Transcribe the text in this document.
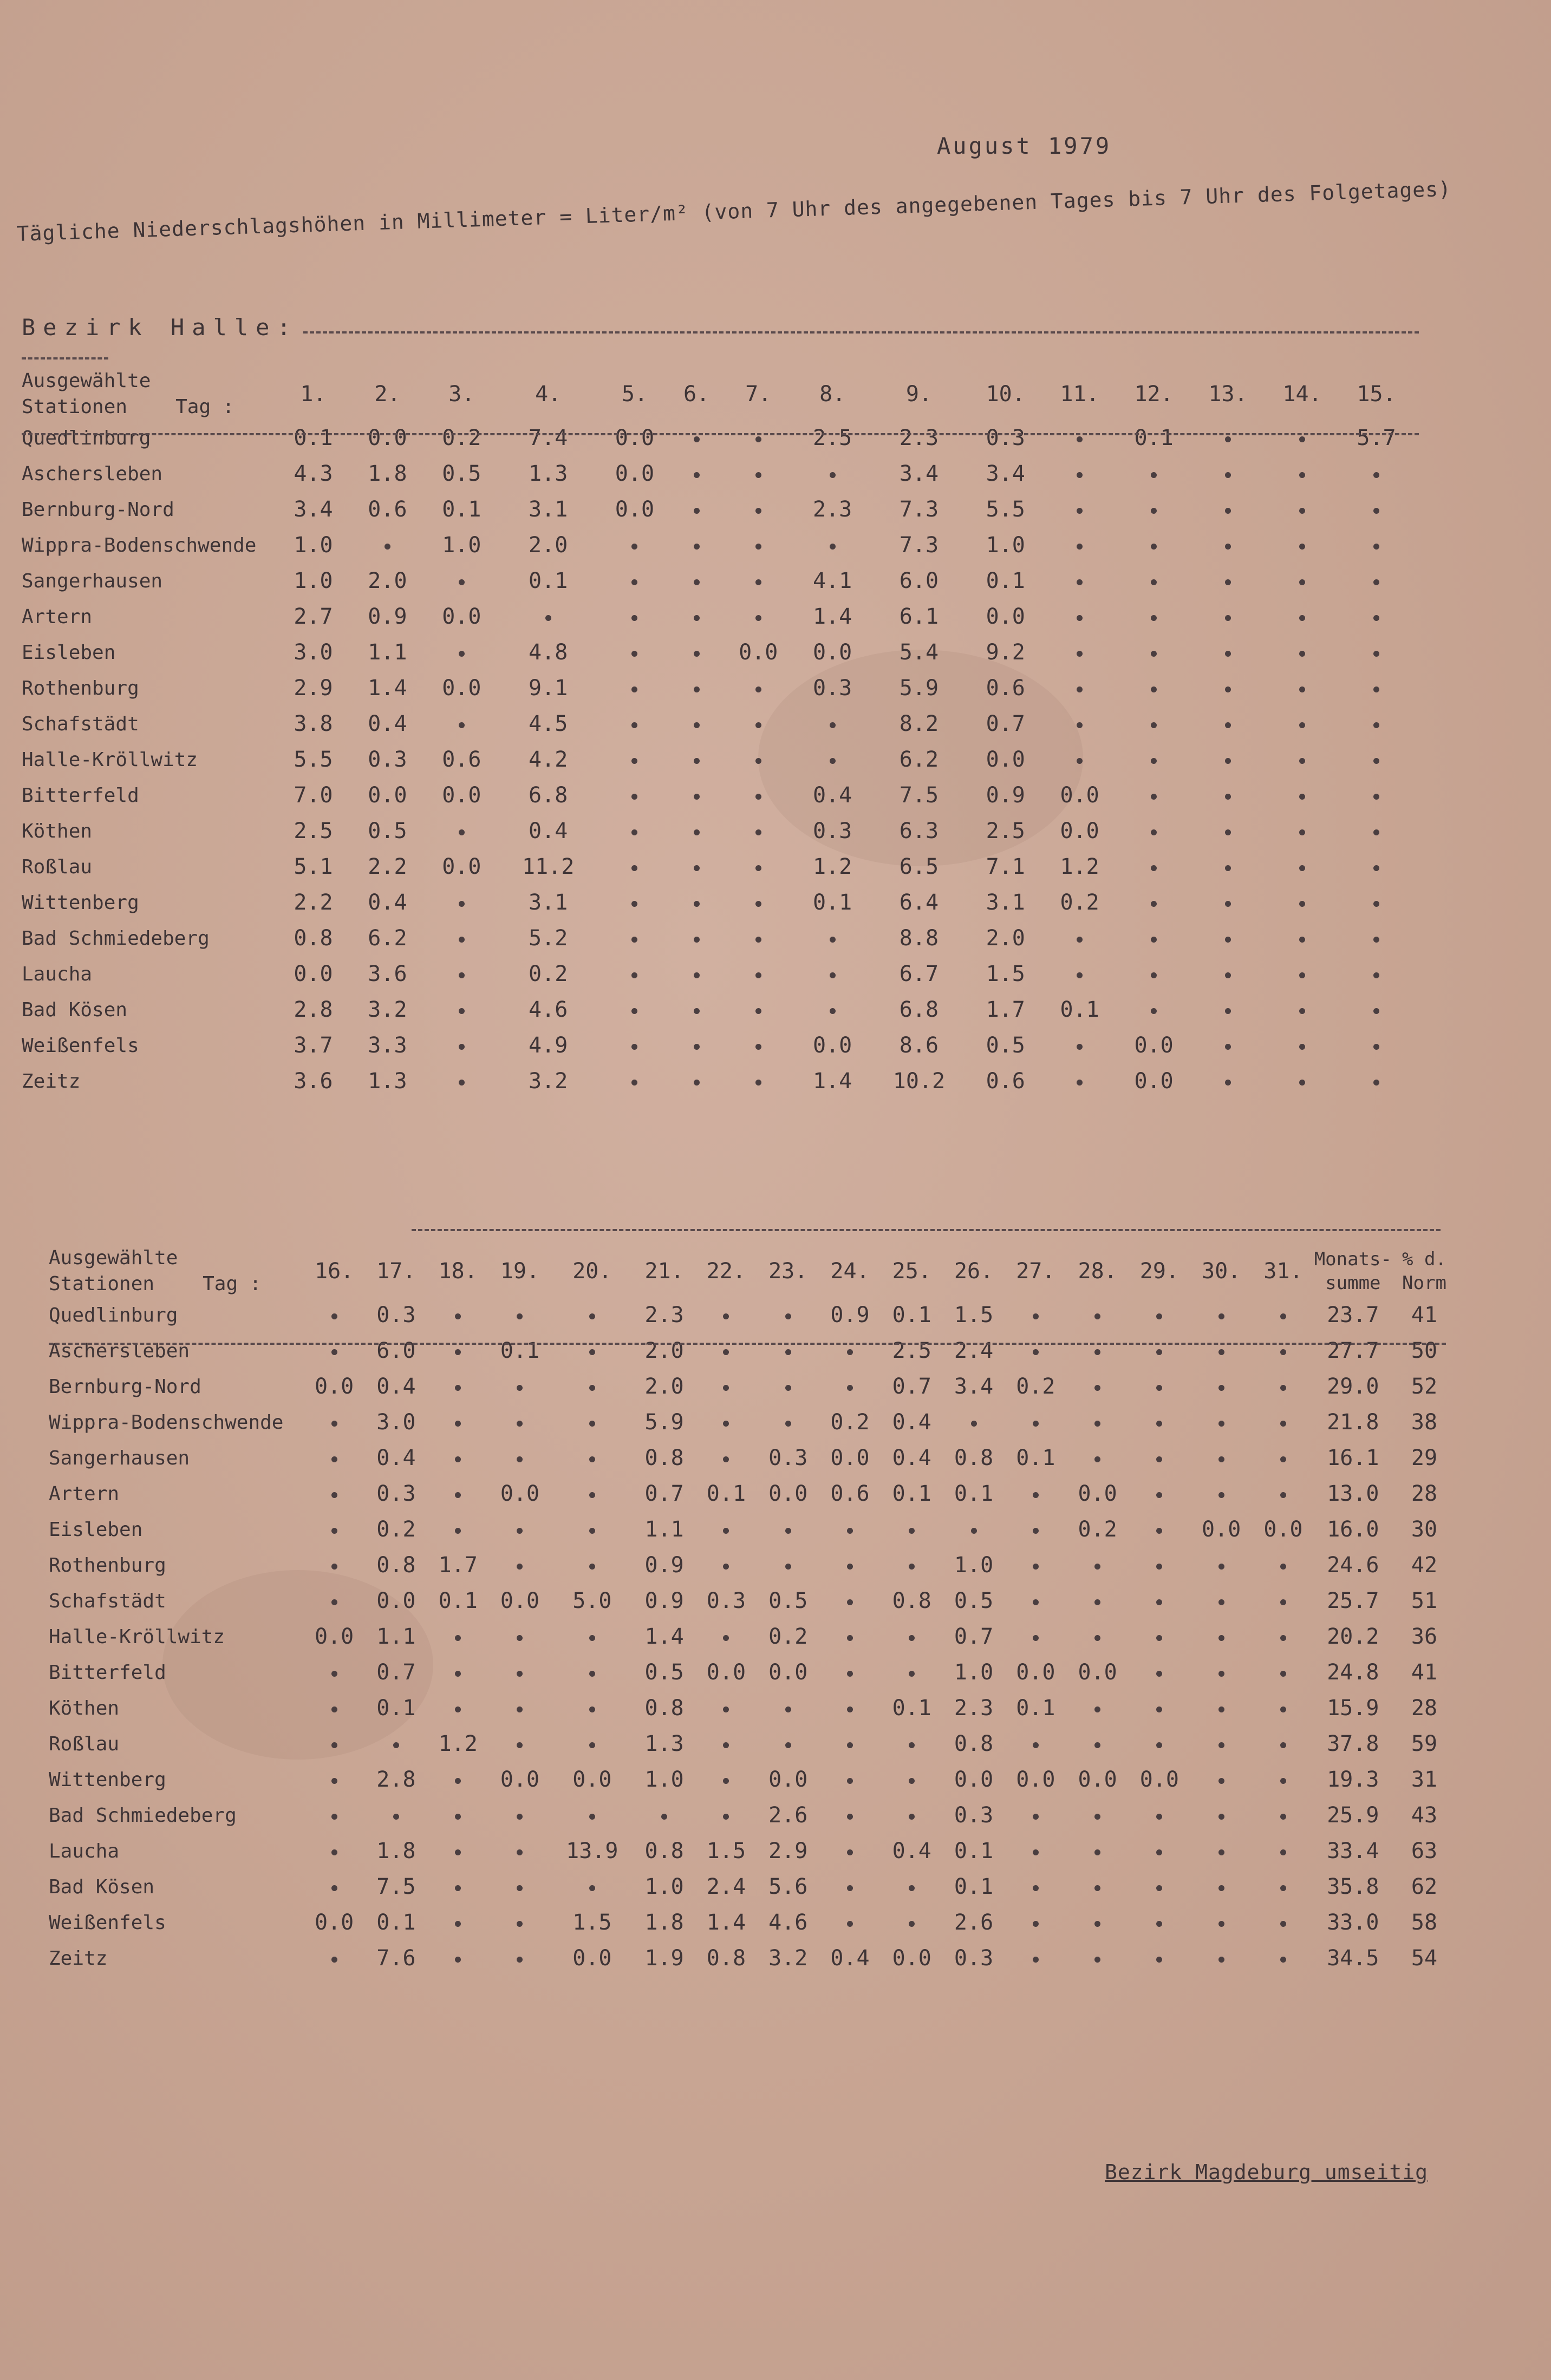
August 1979
Tägliche Niederschlagshöhen in Millimeter = Liter/m² (von 7 Uhr des angegebenen Tages bis 7 Uhr des Folgetages)
Bezirk Halle:
Ausgewählte Stationen Tag :	1.	2.	3.	4.	5.	6.	7.	8.	9.	10.	11.	12.	13.	14.	15.
Quedlinburg	0.1	0.0	0.2	7.4	0.0			2.5	2.3	0.3		0.1			5.7
Aschersleben	4.3	1.8	0.5	1.3	0.0				3.4	3.4					
Bernburg-Nord	3.4	0.6	0.1	3.1	0.0			2.3	7.3	5.5					
Wippra-Bodenschwende	1.0		1.0	2.0					7.3	1.0					
Sangerhausen	1.0	2.0		0.1				4.1	6.0	0.1					
Artern	2.7	0.9	0.0					1.4	6.1	0.0					
Eisleben	3.0	1.1		4.8			0.0	0.0	5.4	9.2					
Rothenburg	2.9	1.4	0.0	9.1				0.3	5.9	0.6					
Schafstädt	3.8	0.4		4.5					8.2	0.7					
Halle-Kröllwitz	5.5	0.3	0.6	4.2					6.2	0.0					
Bitterfeld	7.0	0.0	0.0	6.8				0.4	7.5	0.9	0.0				
Köthen	2.5	0.5		0.4				0.3	6.3	2.5	0.0				
Roßlau	5.1	2.2	0.0	11.2				1.2	6.5	7.1	1.2				
Wittenberg	2.2	0.4		3.1				0.1	6.4	3.1	0.2				
Bad Schmiedeberg	0.8	6.2		5.2					8.8	2.0					
Laucha	0.0	3.6		0.2					6.7	1.5					
Bad Kösen	2.8	3.2		4.6					6.8	1.7	0.1				
Weißenfels	3.7	3.3		4.9				0.0	8.6	0.5		0.0			
Zeitz	3.6	1.3		3.2				1.4	10.2	0.6		0.0			
Ausgewählte Stationen Tag :	16.	17.	18.	19.	20.	21.	22.	23.	24.	25.	26.	27.	28.	29.	30.	31.	Monats-summe	% d. Norm
Quedlinburg		0.3				2.3			0.9	0.1	1.5						23.7	41
Aschersleben		6.0		0.1		2.0				2.5	2.4						27.7	50
Bernburg-Nord	0.0	0.4				2.0				0.7	3.4	0.2					29.0	52
Wippra-Bodenschwende		3.0				5.9			0.2	0.4							21.8	38
Sangerhausen		0.4				0.8		0.3	0.0	0.4	0.8	0.1					16.1	29
Artern		0.3		0.0		0.7	0.1	0.0	0.6	0.1	0.1		0.0				13.0	28
Eisleben		0.2				1.1							0.2		0.0	0.0	16.0	30
Rothenburg		0.8	1.7			0.9					1.0						24.6	42
Schafstädt		0.0	0.1	0.0	5.0	0.9	0.3	0.5		0.8	0.5						25.7	51
Halle-Kröllwitz	0.0	1.1				1.4		0.2			0.7						20.2	36
Bitterfeld		0.7				0.5	0.0	0.0			1.0	0.0	0.0				24.8	41
Köthen		0.1				0.8				0.1	2.3	0.1					15.9	28
Roßlau			1.2			1.3					0.8						37.8	59
Wittenberg		2.8		0.0	0.0	1.0		0.0			0.0	0.0	0.0	0.0			19.3	31
Bad Schmiedeberg								2.6			0.3						25.9	43
Laucha		1.8			13.9	0.8	1.5	2.9		0.4	0.1						33.4	63
Bad Kösen		7.5				1.0	2.4	5.6			0.1						35.8	62
Weißenfels	0.0	0.1			1.5	1.8	1.4	4.6			2.6						33.0	58
Zeitz		7.6			0.0	1.9	0.8	3.2	0.4	0.0	0.3						34.5	54
Bezirk Magdeburg umseitig
